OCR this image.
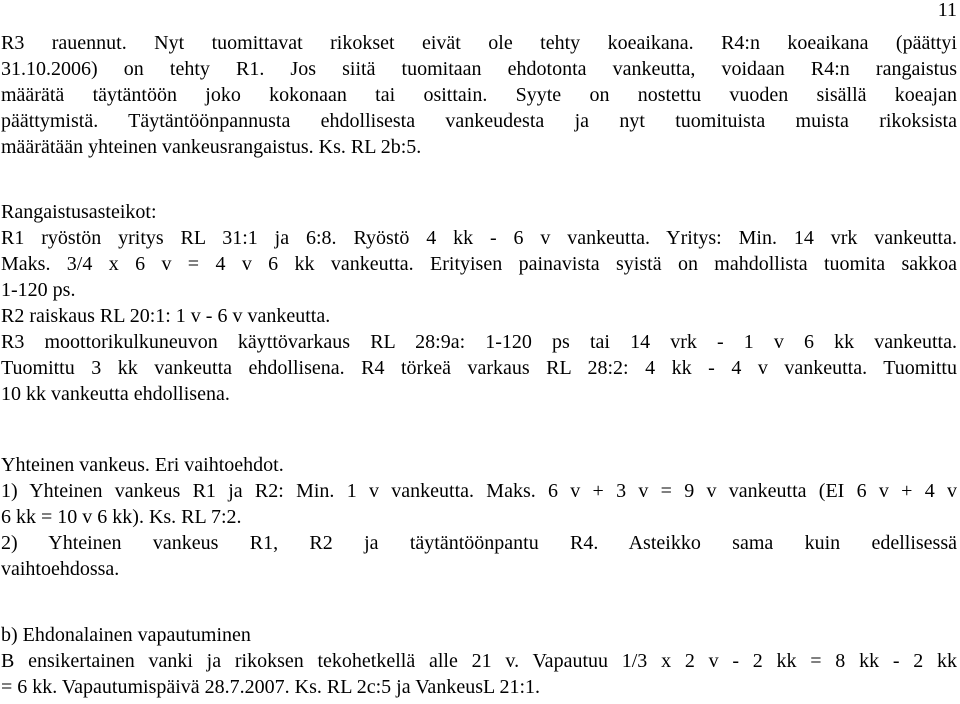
11
R3 rauennut. Nyt tuomittavat rikokset eivät ole tehty koeaikana. R4:n koeaikana (päättyi
31.10.2006) on tehty R1. Jos siitä tuomitaan ehdotonta vankeutta, voidaan R4:n rangaistus
määrätä täytäntöön joko kokonaan tai osittain. Syyte on nostettu vuoden sisällä koeajan
päättymistä. Täytäntöönpannusta ehdollisesta vankeudesta ja nyt tuomituista muista rikoksista
määrätään yhteinen vankeusrangaistus. Ks. RL 2b:5.
Rangaistusasteikot:
R1 ryöstön yritys RL 31:1 ja 6:8. Ryöstö 4 kk - 6 v vankeutta. Yritys: Min. 14 vrk vankeutta.
Maks. 3/4 x 6 v = 4 v 6 kk vankeutta. Erityisen painavista syistä on mahdollista tuomita sakkoa
1-120 ps.
R2 raiskaus RL 20:1: 1 v - 6 v vankeutta.
R3 moottorikulkuneuvon käyttövarkaus RL 28:9a: 1-120 ps tai 14 vrk - 1 v 6 kk vankeutta.
Tuomittu 3 kk vankeutta ehdollisena. R4 törkeä varkaus RL 28:2: 4 kk - 4 v vankeutta. Tuomittu
10 kk vankeutta ehdollisena.
Yhteinen vankeus. Eri vaihtoehdot.
1) Yhteinen vankeus R1 ja R2: Min. 1 v vankeutta. Maks. 6 v + 3 v = 9 v vankeutta (EI 6 v + 4 v
6 kk = 10 v 6 kk). Ks. RL 7:2.
2) Yhteinen vankeus R1, R2 ja täytäntöönpantu R4. Asteikko sama kuin edellisessä
vaihtoehdossa.
b) Ehdonalainen vapautuminen
B ensikertainen vanki ja rikoksen tekohetkellä alle 21 v. Vapautuu 1/3 x 2 v - 2 kk = 8 kk - 2 kk
= 6 kk. Vapautumispäivä 28.7.2007. Ks. RL 2c:5 ja VankeusL 21:1.
